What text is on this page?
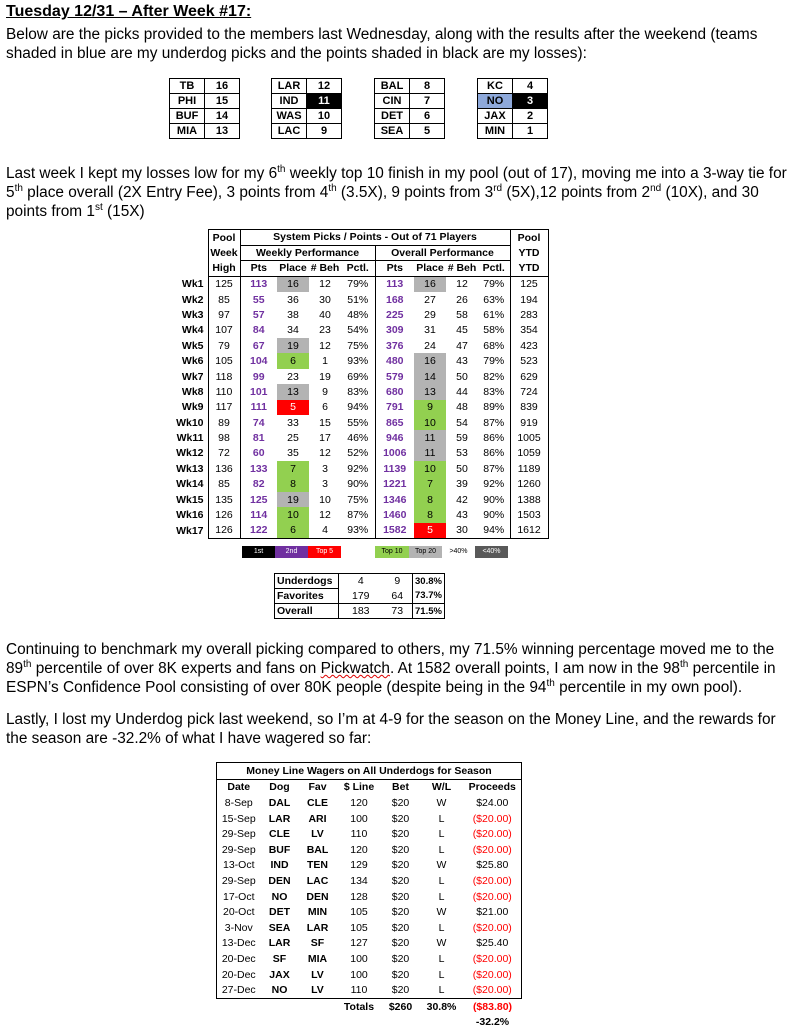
Tuesday 12/31 – After Week #17:
Below are the picks provided to the members last Wednesday, along with the results after the weekend (teams shaded in blue are my underdog picks and the points shaded in black are my losses):
TB	16
PHI	15
BUF	14
MIA	13
LAR	12
IND	11
WAS	10
LAC	9
BAL	8
CIN	7
DET	6
SEA	5
KC	4
NO	3
JAX	2
MIN	1
Last week I kept my losses low for my 6th weekly top 10 finish in my pool (out of 17), moving me into a 3-way tie for 5th place overall (2X Entry Fee), 3 points from 4th (3.5X), 9 points from 3rd (5X),12 points from 2nd (10X), and 30 points from 1st (15X)
	Pool	System Picks / Points - Out of 71 Players								Pool
	Week	Weekly Performance				Overall Performance				YTD
	High	Pts	Place	# Beh	Pctl.	Pts	Place	# Beh	Pctl.	YTD
Wk1	125	113	16	12	79%	113	16	12	79%	125
Wk2	85	55	36	30	51%	168	27	26	63%	194
Wk3	97	57	38	40	48%	225	29	58	61%	283
Wk4	107	84	34	23	54%	309	31	45	58%	354
Wk5	79	67	19	12	75%	376	24	47	68%	423
Wk6	105	104	6	1	93%	480	16	43	79%	523
Wk7	118	99	23	19	69%	579	14	50	82%	629
Wk8	110	101	13	9	83%	680	13	44	83%	724
Wk9	117	111	5	6	94%	791	9	48	89%	839
Wk10	89	74	33	15	55%	865	10	54	87%	919
Wk11	98	81	25	17	46%	946	11	59	86%	1005
Wk12	72	60	35	12	52%	1006	11	53	86%	1059
Wk13	136	133	7	3	92%	1139	10	50	87%	1189
Wk14	85	82	8	3	90%	1221	7	39	92%	1260
Wk15	135	125	19	10	75%	1346	8	42	90%	1388
Wk16	126	114	10	12	87%	1460	8	43	90%	1503
Wk17	126	122	6	4	93%	1582	5	30	94%	1612
1st	2nd	Top 5	Top 10	Top 20	>40%	<40%
Underdogs	4	9	30.8%
Favorites	179	64	73.7%
Overall	183	73	71.5%
Continuing to benchmark my overall picking compared to others, my 71.5% winning percentage moved me to the 89th percentile of over 8K experts and fans on Pickwatch. At 1582 overall points, I am now in the 98th percentile in ESPN’s Confidence Pool consisting of over 80K people (despite being in the 94th percentile in my own pool).
Lastly, I lost my Underdog pick last weekend, so I’m at 4-9 for the season on the Money Line, and the rewards for the season are -32.2% of what I have wagered so far:
Money Line Wagers on All Underdogs for Season						
Date	Dog	Fav	$ Line	Bet	W/L	Proceeds
8-Sep	DAL	CLE	120	$20	W	$24.00
15-Sep	LAR	ARI	100	$20	L	($20.00)
29-Sep	CLE	LV	110	$20	L	($20.00)
29-Sep	BUF	BAL	120	$20	L	($20.00)
13-Oct	IND	TEN	129	$20	W	$25.80
29-Sep	DEN	LAC	134	$20	L	($20.00)
17-Oct	NO	DEN	128	$20	L	($20.00)
20-Oct	DET	MIN	105	$20	W	$21.00
3-Nov	SEA	LAR	105	$20	L	($20.00)
13-Dec	LAR	SF	127	$20	W	$25.40
20-Dec	SF	MIA	100	$20	L	($20.00)
20-Dec	JAX	LV	100	$20	L	($20.00)
27-Dec	NO	LV	110	$20	L	($20.00)
			Totals	$260	30.8%	($83.80)
						-32.2%
